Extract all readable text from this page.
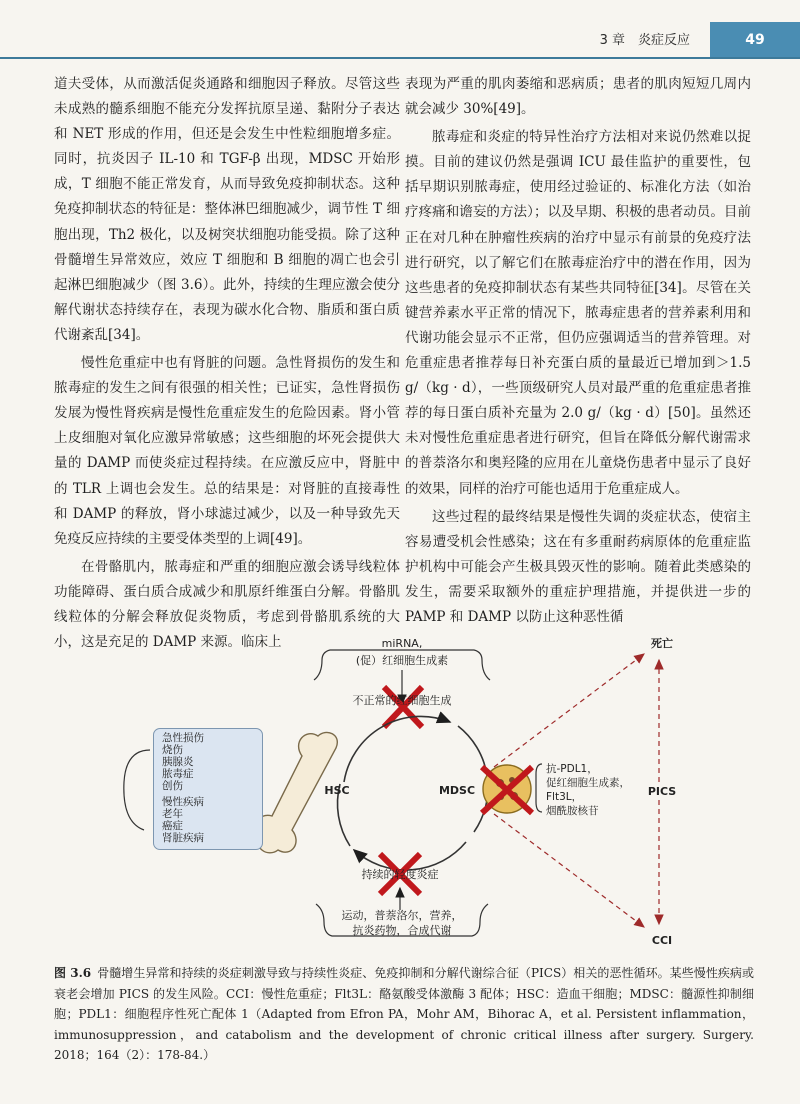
3 章　炎症反应	49

道夫受体，从而激活促炎通路和细胞因子释放。尽管这些未成熟的髓系细胞不能充分发挥抗原呈递、黏附分子表达和 NET 形成的作用，但还是会发生中性粒细胞增多症。同时，抗炎因子 IL-10 和 TGF-β 出现，MDSC 开始形成，T 细胞不能正常发育，从而导致免疫抑制状态。这种免疫抑制状态的特征是：整体淋巴细胞减少，调节性 T 细胞出现，Th2 极化，以及树突状细胞功能受损。除了这种骨髓增生异常效应，效应 T 细胞和 B 细胞的凋亡也会引起淋巴细胞减少（图 3.6）。此外，持续的生理应激会使分解代谢状态持续存在，表现为碳水化合物、脂质和蛋白质代谢紊乱[34]。

慢性危重症中也有肾脏的问题。急性肾损伤的发生和脓毒症的发生之间有很强的相关性；已证实，急性肾损伤发展为慢性肾疾病是慢性危重症发生的危险因素。肾小管上皮细胞对氧化应激异常敏感；这些细胞的坏死会提供大量的 DAMP 而使炎症过程持续。在应激反应中，肾脏中的 TLR 上调也会发生。总的结果是：对肾脏的直接毒性和 DAMP 的释放，肾小球滤过减少，以及一种导致先天免疫反应持续的主要受体类型的上调[49]。

在骨骼肌内，脓毒症和严重的细胞应激会诱导线粒体功能障碍、蛋白质合成减少和肌原纤维蛋白分解。骨骼肌线粒体的分解会释放促炎物质，考虑到骨骼肌系统的大小，这是充足的 DAMP 来源。临床上

表现为严重的肌肉萎缩和恶病质；患者的肌肉短短几周内就会减少 30%[49]。

脓毒症和炎症的特异性治疗方法相对来说仍然难以捉摸。目前的建议仍然是强调 ICU 最佳监护的重要性，包括早期识别脓毒症，使用经过验证的、标准化方法（如治疗疼痛和谵妄的方法）；以及早期、积极的患者动员。目前正在对几种在肿瘤性疾病的治疗中显示有前景的免疫疗法进行研究，以了解它们在脓毒症治疗中的潜在作用，因为这些患者的免疫抑制状态有某些共同特征[34]。尽管在关键营养素水平正常的情况下，脓毒症患者的营养素利用和代谢功能会显示不正常，但仍应强调适当的营养管理。对危重症患者推荐每日补充蛋白质的量最近已增加到＞1.5 g/（kg · d），一些顶级研究人员对最严重的危重症患者推荐的每日蛋白质补充量为 2.0 g/（kg · d）[50]。虽然还未对慢性危重症患者进行研究，但旨在降低分解代谢需求的普萘洛尔和奥羟隆的应用在儿童烧伤患者中显示了良好的效果，同样的治疗可能也适用于危重症成人。

这些过程的最终结果是慢性失调的炎症状态，使宿主容易遭受机会性感染；这在有多重耐药病原体的危重症监护机构中可能会产生极具毁灭性的影响。随着此类感染的发生，需要采取额外的重症护理措施，并提供进一步的 PAMP 和 DAMP 以防止这种恶性循

miRNA,
(促）红细胞生成素
不正常的红细胞生成
HSC	MDSC
抗-PDL1，
促红细胞生成素，
Flt3L，
烟酰胺核苷
死亡
PICS
CCI
持续的轻度炎症
运动，普萘洛尔，营养，
抗炎药物，合成代谢
急性损伤
烧伤
胰腺炎
脓毒症
创伤
慢性疾病
老年
癌症
肾脏疾病
图 3.6 骨髓增生异常和持续的炎症刺激导致与持续性炎症、免疫抑制和分解代谢综合征（PICS）相关的恶性循环。某些慢性疾病或衰老会增加 PICS 的发生风险。CCI：慢性危重症；Flt3L：酪氨酸受体激酶 3 配体；HSC：造血干细胞；MDSC：髓源性抑制细胞；PDL1：细胞程序性死亡配体 1（Adapted from Efron PA，Mohr AM，Bihorac A，et al. Persistent inflammation，immunosuppression，and catabolism and the development of chronic critical illness after surgery. Surgery. 2018；164（2）：178-84.）
